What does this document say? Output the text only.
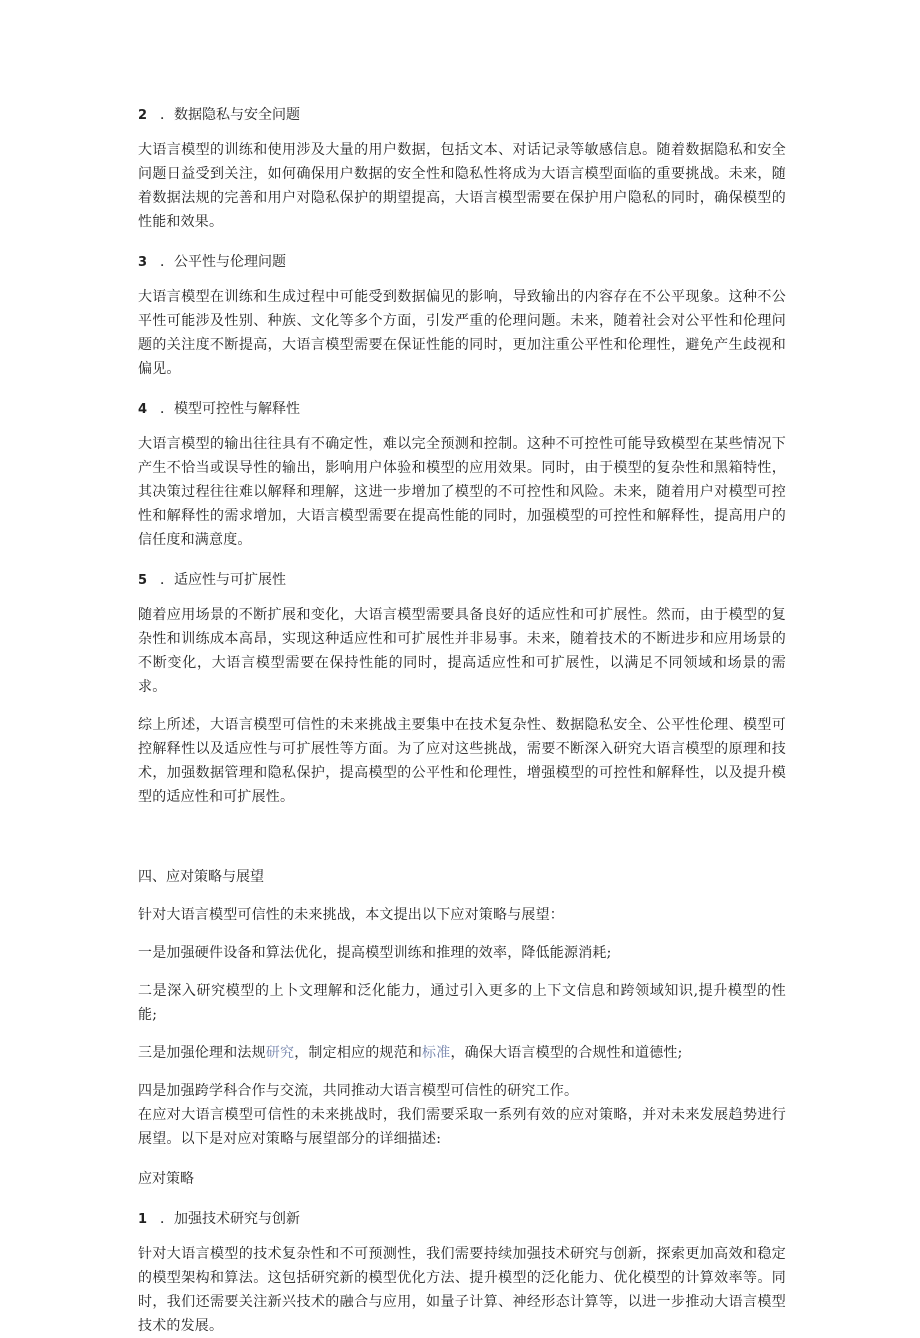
2 ．数据隐私与安全问题

大语言模型的训练和使用涉及大量的用户数据，包括文本、对话记录等敏感信息。随着数据隐私和安全问题日益受到关注，如何确保用户数据的安全性和隐私性将成为大语言模型面临的重要挑战。未来，随着数据法规的完善和用户对隐私保护的期望提高，大语言模型需要在保护用户隐私的同时，确保模型的性能和效果。

3 ．公平性与伦理问题

大语言模型在训练和生成过程中可能受到数据偏见的影响，导致输出的内容存在不公平现象。这种不公平性可能涉及性别、种族、文化等多个方面，引发严重的伦理问题。未来，随着社会对公平性和伦理问题的关注度不断提高，大语言模型需要在保证性能的同时，更加注重公平性和伦理性，避免产生歧视和偏见。

4 ．模型可控性与解释性

大语言模型的输出往往具有不确定性，难以完全预测和控制。这种不可控性可能导致模型在某些情况下产生不恰当或误导性的输出，影响用户体验和模型的应用效果。同时，由于模型的复杂性和黑箱特性，其决策过程往往难以解释和理解，这进一步增加了模型的不可控性和风险。未来，随着用户对模型可控性和解释性的需求增加，大语言模型需要在提高性能的同时，加强模型的可控性和解释性，提高用户的信任度和满意度。

5 ．适应性与可扩展性

随着应用场景的不断扩展和变化，大语言模型需要具备良好的适应性和可扩展性。然而，由于模型的复杂性和训练成本高昂，实现这种适应性和可扩展性并非易事。未来，随着技术的不断进步和应用场景的不断变化，大语言模型需要在保持性能的同时，提高适应性和可扩展性，以满足不同领域和场景的需求。

综上所述，大语言模型可信性的未来挑战主要集中在技术复杂性、数据隐私安全、公平性伦理、模型可控解释性以及适应性与可扩展性等方面。为了应对这些挑战，需要不断深入研究大语言模型的原理和技术，加强数据管理和隐私保护，提高模型的公平性和伦理性，增强模型的可控性和解释性，以及提升模型的适应性和可扩展性。

四、应对策略与展望

针对大语言模型可信性的未来挑战，本文提出以下应对策略与展望：

一是加强硬件设备和算法优化，提高模型训练和推理的效率，降低能源消耗;

二是深入研究模型的上卜文理解和泛化能力，通过引入更多的上下文信息和跨领域知识,提升模型的性能;

三是加强伦理和法规研究，制定相应的规范和标准，确保大语言模型的合规性和道德性;

四是加强跨学科合作与交流，共同推动大语言模型可信性的研究工作。

在应对大语言模型可信性的未来挑战时，我们需要采取一系列有效的应对策略，并对未来发展趋势进行展望。以下是对应对策略与展望部分的详细描述:

应对策略

1 ．加强技术研究与创新

针对大语言模型的技术复杂性和不可预测性，我们需要持续加强技术研究与创新，探索更加高效和稳定的模型架构和算法。这包括研究新的模型优化方法、提升模型的泛化能力、优化模型的计算效率等。同时，我们还需要关注新兴技术的融合与应用，如量子计算、神经形态计算等，以进一步推动大语言模型技术的发展。
